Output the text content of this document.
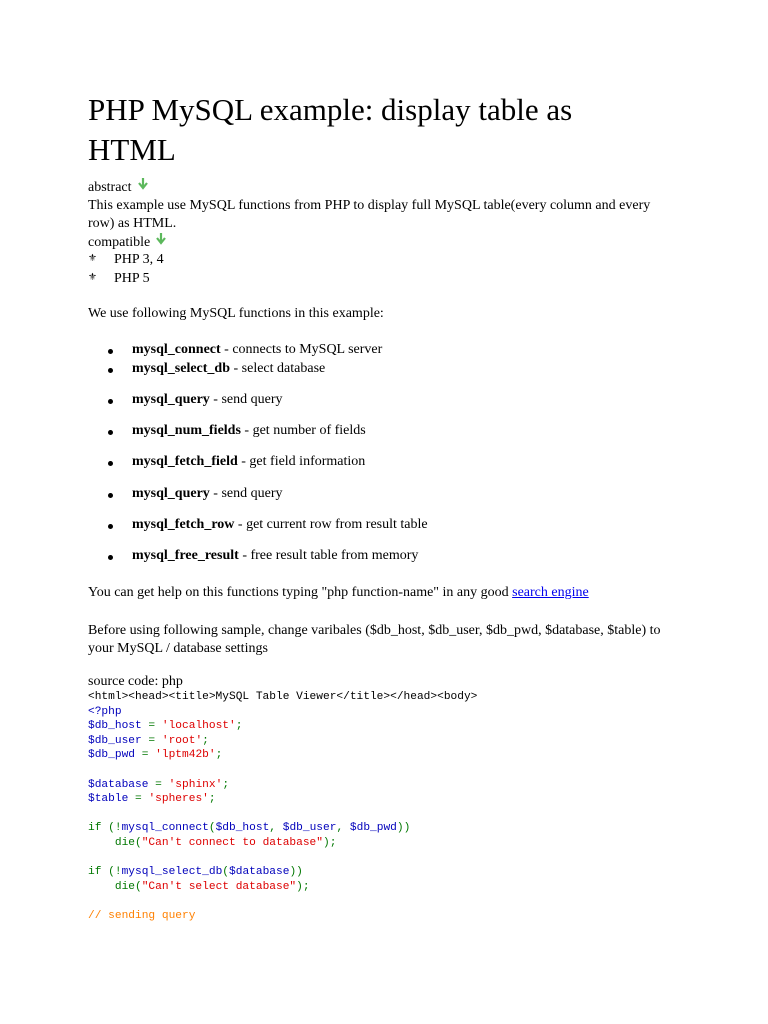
PHP MySQL example: display table as HTML
abstract
This example use MySQL functions from PHP to display full MySQL table(every column and every row) as HTML.
compatible
⚜ PHP 3, 4
⚜ PHP 5
We use following MySQL functions in this example:
mysql_connect - connects to MySQL server
mysql_select_db - select database
mysql_query - send query
mysql_num_fields - get number of fields
mysql_fetch_field - get field information
mysql_query - send query
mysql_fetch_row - get current row from result table
mysql_free_result - free result table from memory
You can get help on this functions typing "php function-name" in any good search engine
Before using following sample, change varibales ($db_host, $db_user, $db_pwd, $database, $table) to your MySQL / database settings
source code: php
<html><head><title>MySQL Table Viewer</title></head><body>
<?php
$db_host = 'localhost';
$db_user = 'root';
$db_pwd = 'lptm42b';

$database = 'sphinx';
$table = 'spheres';

if (!mysql_connect($db_host, $db_user, $db_pwd))
die("Can't connect to database");

if (!mysql_select_db($database))
die("Can't select database");

// sending query
